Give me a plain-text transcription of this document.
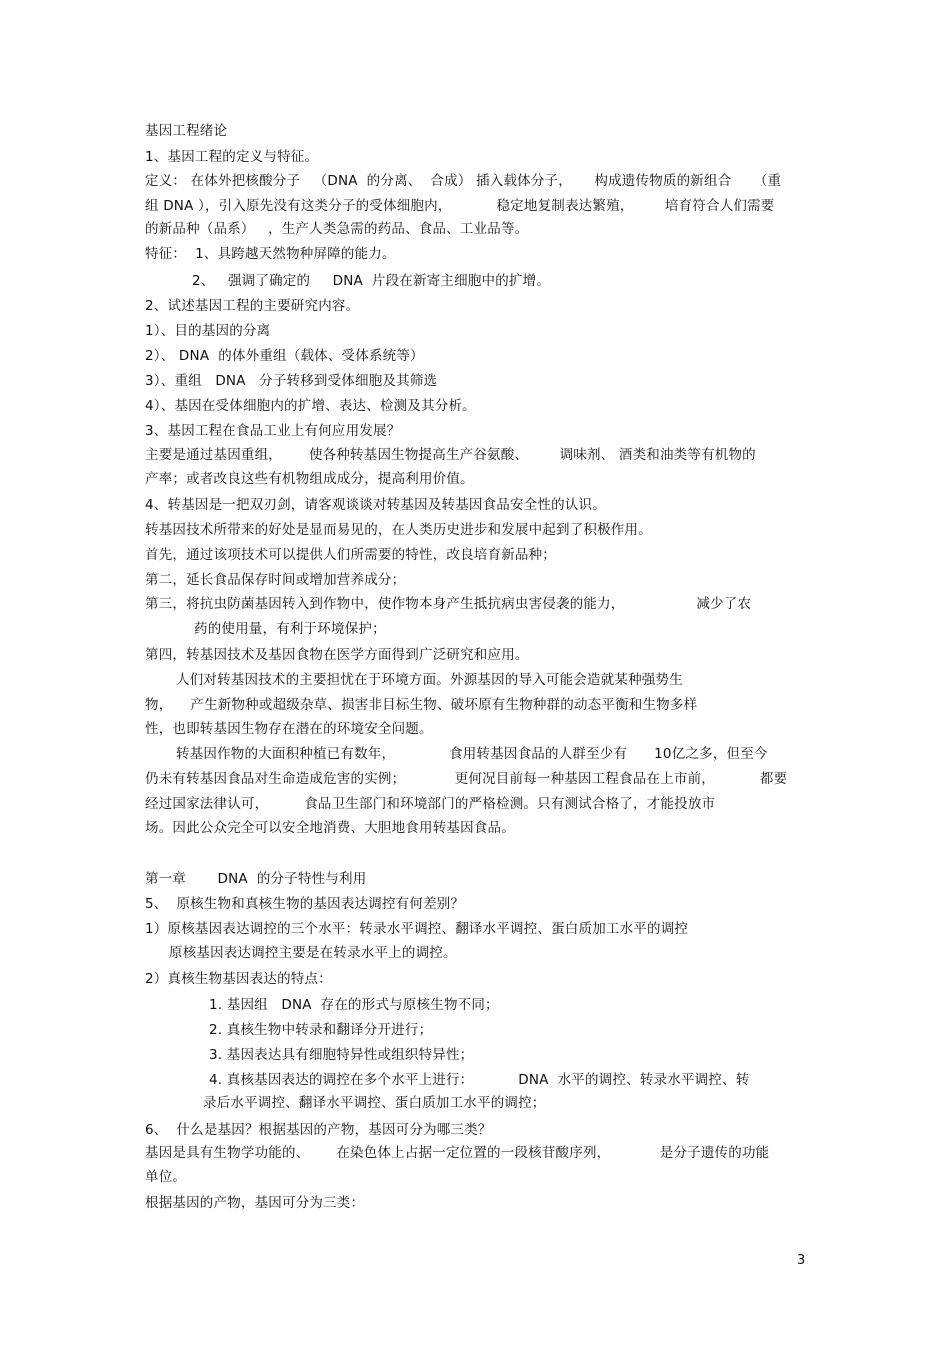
基因工程绪论
1、基因工程的定义与特征。
定义： 在体外把核酸分子   （DNA  的分离、  合成） 插入载体分子，     构成遗传物质的新组合     （重
组 DNA ），引入原先没有这类分子的受体细胞内，          稳定地复制表达繁殖，       培育符合人们需要
的新品种（品系）   ，生产人类急需的药品、食品、工业品等。
特征：  1、具跨越天然物种屏障的能力。
2、   强调了确定的     DNA  片段在新寄主细胞中的扩增。
2、试述基因工程的主要研究内容。
1）、目的基因的分离
2）、 DNA  的体外重组（载体、受体系统等）
3）、重组   DNA   分子转移到受体细胞及其筛选
4）、基因在受体细胞内的扩增、表达、检测及其分析。
3、基因工程在食品工业上有何应用发展？
主要是通过基因重组，      使各种转基因生物提高生产谷氨酸、       调味剂、 酒类和油类等有机物的
产率；或者改良这些有机物组成成分，提高利用价值。
4、转基因是一把双刃剑，请客观谈谈对转基因及转基因食品安全性的认识。
转基因技术所带来的好处是显而易见的，在人类历史进步和发展中起到了积极作用。
首先，通过该项技术可以提供人们所需要的特性，改良培育新品种；
第二，延长食品保存时间或增加营养成分；
第三，将抗虫防菌基因转入到作物中，使作物本身产生抵抗病虫害侵袭的能力，                减少了农
药的使用量，有利于环境保护；
第四，转基因技术及基因食物在医学方面得到广泛研究和应用。
人们对转基因技术的主要担忧在于环境方面。外源基因的导入可能会造就某种强势生
物，    产生新物种或超级杂草、损害非目标生物、破坏原有生物种群的动态平衡和生物多样
性，也即转基因生物存在潜在的环境安全问题。
转基因作物的大面积种植已有数年，            食用转基因食品的人群至少有      10亿之多，但至今
仍未有转基因食品对生命造成危害的实例；           更何况目前每一种基因工程食品在上市前，          都要
经过国家法律认可，        食品卫生部门和环境部门的严格检测。只有测试合格了，才能投放市
场。因此公众完全可以安全地消费、大胆地食用转基因食品。
第一章       DNA  的分子特性与利用
5、  原核生物和真核生物的基因表达调控有何差别？
1）原核基因表达调控的三个水平：转录水平调控、翻译水平调控、蛋白质加工水平的调控
原核基因表达调控主要是在转录水平上的调控。
2）真核生物基因表达的特点：
1. 基因组   DNA  存在的形式与原核生物不同；
2. 真核生物中转录和翻译分开进行；
3. 基因表达具有细胞特异性或组织特异性；
4. 真核基因表达的调控在多个水平上进行：          DNA  水平的调控、转录水平调控、转
录后水平调控、翻译水平调控、蛋白质加工水平的调控；
6、  什么是基因？根据基因的产物，基因可分为哪三类？
基因是具有生物学功能的、      在染色体上占据一定位置的一段核苷酸序列，           是分子遗传的功能
单位。
根据基因的产物，基因可分为三类：
3
